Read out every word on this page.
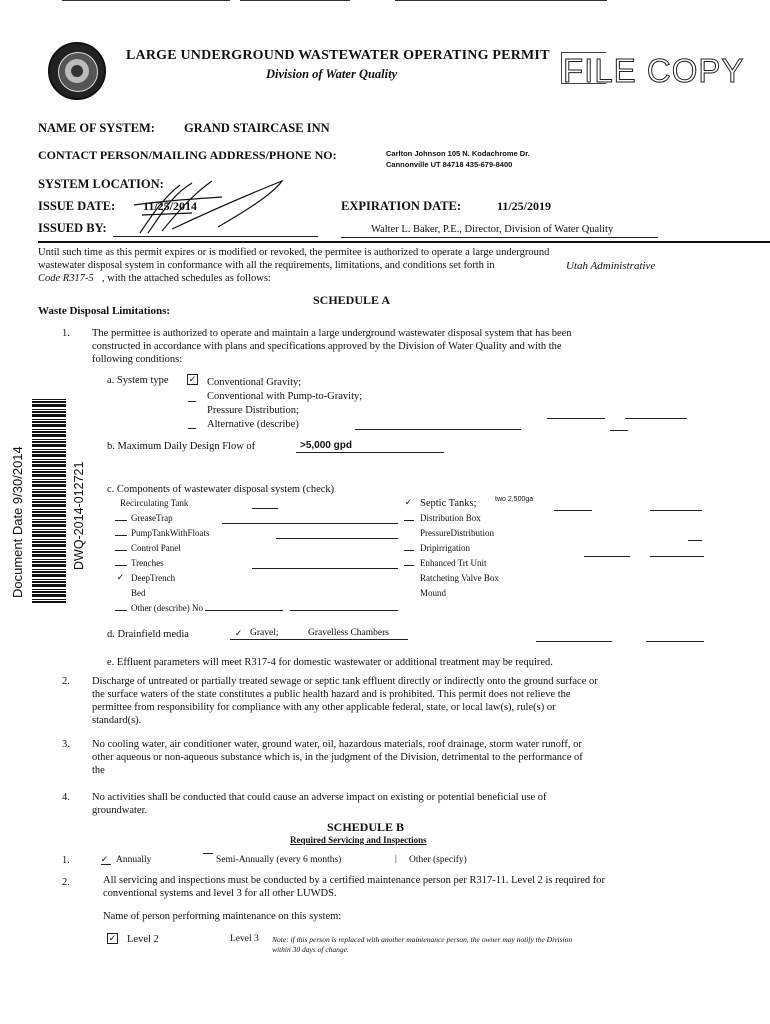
LARGE UNDERGROUND WASTEWATER OPERATING PERMIT
Division of Water Quality	FILE COPY
NAME OF SYSTEM: GRAND STAIRCASE INN
CONTACT PERSON/MAILING ADDRESS/PHONE NO:	Carlton Johnson 105 N. Kodachrome Dr.
Cannonville UT 84718 435-679-8400
SYSTEM LOCATION:
ISSUE DATE: 11/25/2014	EXPIRATION DATE:	11/25/2019
ISSUED BY:	Walter L. Baker, P.E., Director, Division of Water Quality
Until such time as this permit expires or is modified or revoked, the permitee is authorized to operate a large underground
wastewater disposal system in conformance with all the requirements, limitations, and conditions set forth in	Utah Administrative
Code R317-5 , with the attached schedules as follows:
SCHEDULE A
Waste Disposal Limitations:
1. The permittee is authorized to operate and maintain a large underground wastewater disposal system that has been
constructed in accordance with plans and specifications approved by the Division of Water Quality and with the
following conditions:
a. System type ✓	Conventional Gravity;
Conventional with Pump-to-Gravity;
Pressure Distribution;
Alternative (describe)
b. Maximum Daily Design Flow of	>5,000 gpd
c. Components of wastewater disposal system (check)
Recirculating Tank
GreaseTrap
PumpTankWithFloats
Control Panel
Trenches
✓ DeepTrench
Bed
Other (describe) No
✓ Septic Tanks;	two 2,500ga
Distribution Box
PressureDistribution
Dripirrigation
Enhanced Trt Unit
Ratcheting Valve Box
Mound
d. Drainfield media	✓ Gravel;	Gravelless Chambers
e. Effluent parameters will meet R317-4 for domestic wastewater or additional treatment may be required.
2. Discharge of untreated or partially treated sewage or septic tank effluent directly or indirectly onto the ground surface or
the surface waters of the state constitutes a public health hazard and is prohibited. This permit does not relieve the
permittee from responsibility for compliance with any other applicable federal, state, or local law(s), rule(s) or
standard(s).
3. No cooling water, air conditioner water, ground water, oil, hazardous materials, roof drainage, storm water runoff, or
other aqueous or non-aqueous substance which is, in the judgment of the Division, detrimental to the performance of
the
4. No activities shall be conducted that could cause an adverse impact on existing or potential beneficial use of
groundwater.
SCHEDULE B
Required Servicing and Inspections
1.	✓ Annually	Semi-Annually (every 6 months)	| Other (specify)
2.	All servicing and inspections must be conducted by a certified maintenance person per R317-11. Level 2 is required for
conventional systems and level 3 for all other LUWDS.
Name of person performing maintenance on this system:
✓	Level 2	Level 3 Note: if this person is replaced with another maintenance person, the owner may notify the Division
within 30 days of change.
Document Date 9/30/2014	DWQ-2014-012721
